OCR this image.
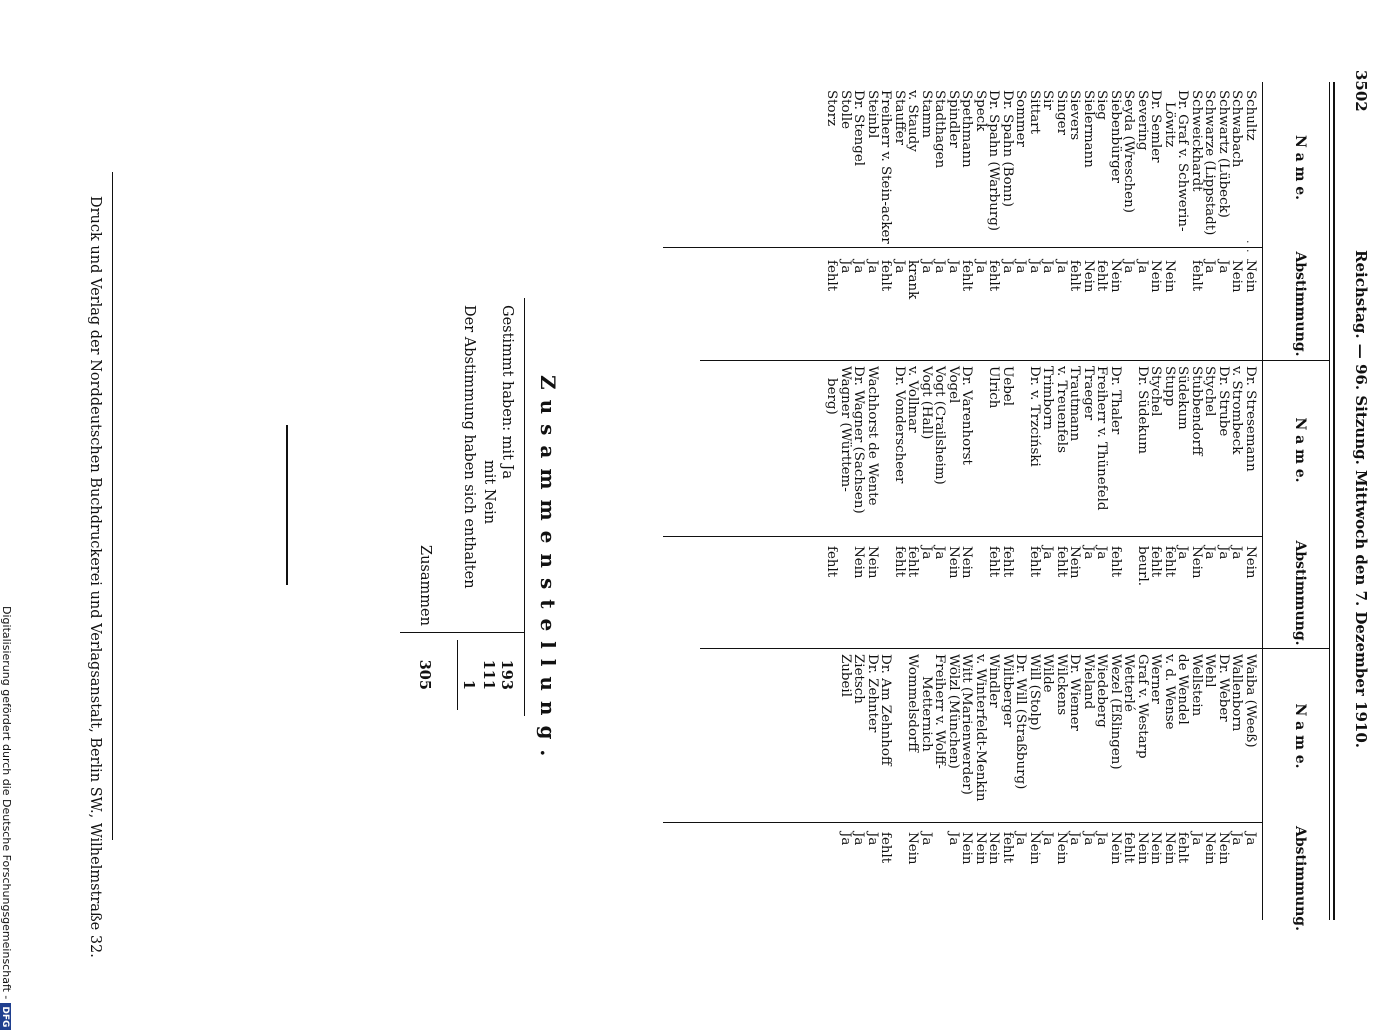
3502
Reichstag. — 96. Sitzung. Mittwoch den 7. Dezember 1910.
N a m e.
Abstimmung.
N a m e.
Abstimmung.
N a m e.
Abstimmung.
Schultz
. . .
Nein
Schwabach
Nein
Schwartz (Lübeck)
Ja
Schwarze (Lippstadt)
Ja
Schweickhardt
fehlt
Dr. Graf v. Schwerin-
Löwitz
Nein
Dr. Semler
Nein
Severing
Ja
Seyda (Wreschen)
Ja
Siebenbürger
Nein
Sieg
fehlt
Sielermann
Nein
Sievers
fehlt
Singer
Ja
Sir
Ja
Sittart
Ja
Sommer
Ja
Dr. Spahn (Bonn)
Ja
Dr. Spahn (Warburg)
fehlt
Speck
Ja
Spethmann
fehlt
Spindler
Ja
Stadthagen
Ja
Stamm
Ja
v. Staudy
krank
Stauffer
Ja
Freiherr v. Stein-acker
fehlt
Steinbl
Ja
Dr. Stengel
Ja
Stolle
Ja
Storz
fehlt
Dr. Stresemann
Nein
v. Strombeck
Ja
Dr. Strube
Ja
Stychel
Ja
Stubbendorff
Nein
Südekum
Ja
Stupp
fehlt
Stychel
fehlt
Dr. Südekum
beurl.
Dr. Thaler
fehlt
Freiherr v. Thünefeld
Ja
Traeger
Ja
Trautmann
Nein
v. Treuenfels
fehlt
Trimborn
Ja
Dr. v. Trzciński
fehlt
Uebel
fehlt
Ulrich
fehlt
Dr. Varenhorst
Nein
Vogel
Nein
Vogt (Crailsheim)
Ja
Vogt (Hall)
Ja
v. Vollmar
fehlt
Dr. Vonderscheer
fehlt
Wachhorst de Wente
Nein
Dr. Wagner (Sachsen)
Nein
Wagner (Württem-
berg)
fehlt
Waiba (Weeß)
Ja
Wallenborn
Ja
Dr. Weber
Nein
Wehl
Nein
Wellstein
Ja
de Wendel
fehlt
v. d. Wense
Nein
Werner
Nein
Graf v. Westarp
Nein
Wetterlé
fehlt
Wezel (Eßlingen)
Nein
Wiedeberg
Ja
Wieland
Ja
Dr. Wiemer
Ja
Wilckens
Nein
Wilde
Ja
Will (Stolp)
Nein
Dr. Will (Straßburg)
Ja
Wiltberger
fehlt
Windler
Nein
v. Winterfeldt-Menkin
Nein
Witt (Marienwerder)
Nein
Wölzl (München)
Ja
Freiherr v. Wolff-
Metternich
Ja
Wommelsdorff
Nein
Dr. Am Zehnhoff
fehlt
Dr. Zehnter
Ja
Zietsch
Ja
Zubeil
Ja
Zusammenstellung.
Gestimmt haben: mit Ja
193
mit Nein
111
Der Abstimmung haben sich enthalten
1
Zusammen
305
Druck und Verlag der Norddeutschen Buchdruckerei und Verlagsanstalt, Berlin SW., Wilhelmstraße 32.
Digitalisierung gefördert durch die Deutsche Forschungsgemeinschaft -DFG
